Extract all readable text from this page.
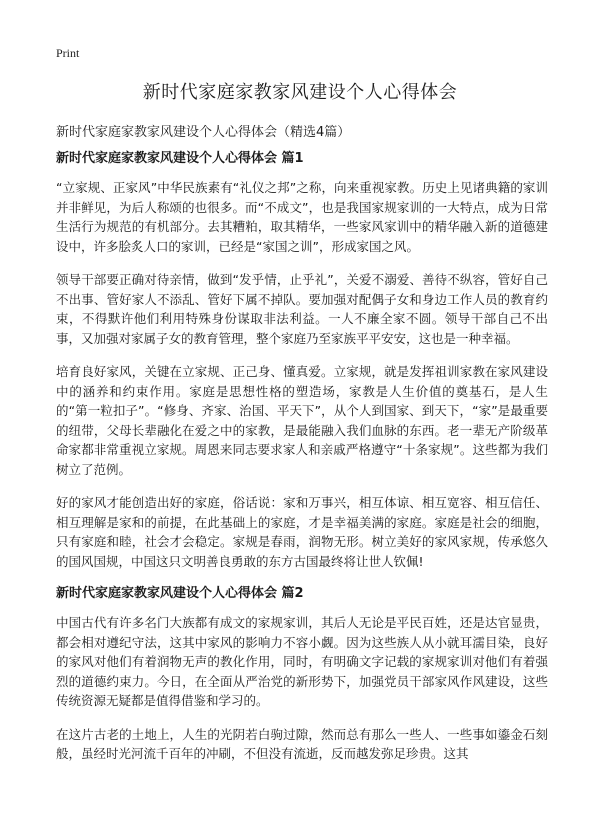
Print
新时代家庭家教家风建设个人心得体会

新时代家庭家教家风建设个人心得体会（精选4篇）

新时代家庭家教家风建设个人心得体会 篇1

“立家规、正家风”中华民族素有“礼仪之邦”之称，向来重视家教。历史上见诸典籍的家训并非鲜见，为后人称颂的也很多。而“不成文”，也是我国家规家训的一大特点，成为日常生活行为规范的有机部分。去其糟粕，取其精华，一些家风家训中的精华融入新的道德建设中，许多脍炙人口的家训，已经是“家国之训”，形成家国之风。

领导干部要正确对待亲情，做到“发乎情，止乎礼”，关爱不溺爱、善待不纵容，管好自己不出事、管好家人不添乱、管好下属不掉队。要加强对配偶子女和身边工作人员的教育约束，不得默许他们利用特殊身份谋取非法利益。一人不廉全家不圆。领导干部自己不出事，又加强对家属子女的教育管理，整个家庭乃至家族平平安安，这也是一种幸福。

培育良好家风，关键在立家规、正己身、懂真爱。立家规，就是发挥祖训家教在家风建设中的涵养和约束作用。家庭是思想性格的塑造场，家教是人生价值的奠基石，是人生的“第一粒扣子”。“修身、齐家、治国、平天下”，从个人到国家、到天下，“家”是最重要的纽带，父母长辈融化在爱之中的家教，是最能融入我们血脉的东西。老一辈无产阶级革命家都非常重视立家规。周恩来同志要求家人和亲戚严格遵守“十条家规”。这些都为我们树立了范例。

好的家风才能创造出好的家庭，俗话说：家和万事兴，相互体谅、相互宽容、相互信任、相互理解是家和的前提，在此基础上的家庭，才是幸福美满的家庭。家庭是社会的细胞，只有家庭和睦，社会才会稳定。家规是春雨，润物无形。树立美好的家风家规，传承悠久的国风国规，中国这只文明善良勇敢的东方古国最终将让世人钦佩!

新时代家庭家教家风建设个人心得体会 篇2

中国古代有许多名门大族都有成文的家规家训，其后人无论是平民百姓，还是达官显贵，都会相对遵纪守法，这其中家风的影响力不容小觑。因为这些族人从小就耳濡目染，良好的家风对他们有着润物无声的教化作用，同时，有明确文字记载的家规家训对他们有着强烈的道德约束力。今日，在全面从严治党的新形势下，加强党员干部家风作风建设，这些传统资源无疑都是值得借鉴和学习的。

在这片古老的土地上，人生的光阴若白驹过隙，然而总有那么一些人、一些事如鎏金石刻般，虽经时光河流千百年的冲刷，不但没有流逝，反而越发弥足珍贵。这其
